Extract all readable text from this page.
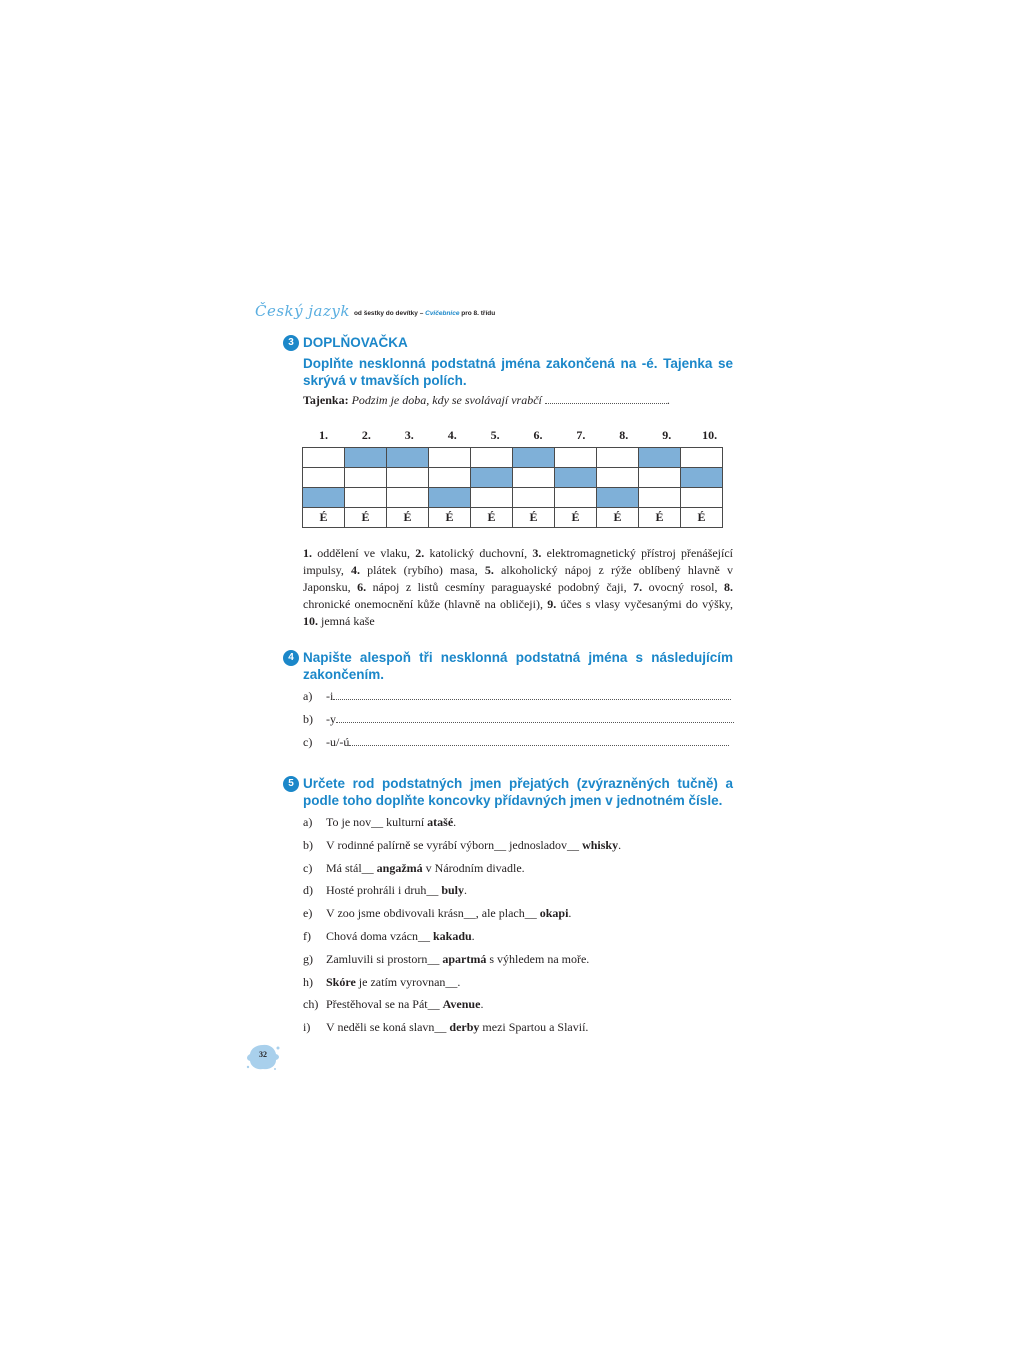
Český jazyk od šestky do devítky – Cvičebnice pro 8. třídu
3 DOPLŇOVAČKA
Doplňte nesklonná podstatná jména zakončená na -é. Tajenka se skrývá v tmavších polích.
Tajenka: Podzim je doba, kdy se svolávají vrabčí	.
1.	2.	3.	4.	5.	6.	7.	8.	9.	10.

É	É	É	É	É	É	É	É	É	É
1. oddělení ve vlaku, 2. katolický duchovní, 3. elektromagnetický přístroj přenášející impulsy, 4. plátek (rybího) masa, 5. alkoholický nápoj z rýže oblíbený hlavně v Japonsku, 6. nápoj z listů cesmíny paraguayské podobný čaji, 7. ovocný rosol, 8. chronické onemocnění kůže (hlavně na obličeji), 9. účes s vlasy vyčesanými do výšky, 10. jemná kaše
4 Napište alespoň tři nesklonná podstatná jména s následujícím zakončením.
a) -i
b) -y
c) -u/-ú
5 Určete rod podstatných jmen přejatých (zvýrazněných tučně) a podle toho doplňte koncovky přídavných jmen v jednotném čísle.
a) To je nov__ kulturní atašé.
b) V rodinné palírně se vyrábí výborn__ jednosladov__ whisky.
c) Má stál__ angažmá v Národním divadle.
d) Hosté prohráli i druh__ buly.
e) V zoo jsme obdivovali krásn__, ale plach__ okapi.
f) Chová doma vzácn__ kakadu.
g) Zamluvili si prostorn__ apartmá s výhledem na moře.
h) Skóre je zatím vyrovnan__.
ch) Přestěhoval se na Pát__ Avenue.
i) V neděli se koná slavn__ derby mezi Spartou a Slavií.
32
